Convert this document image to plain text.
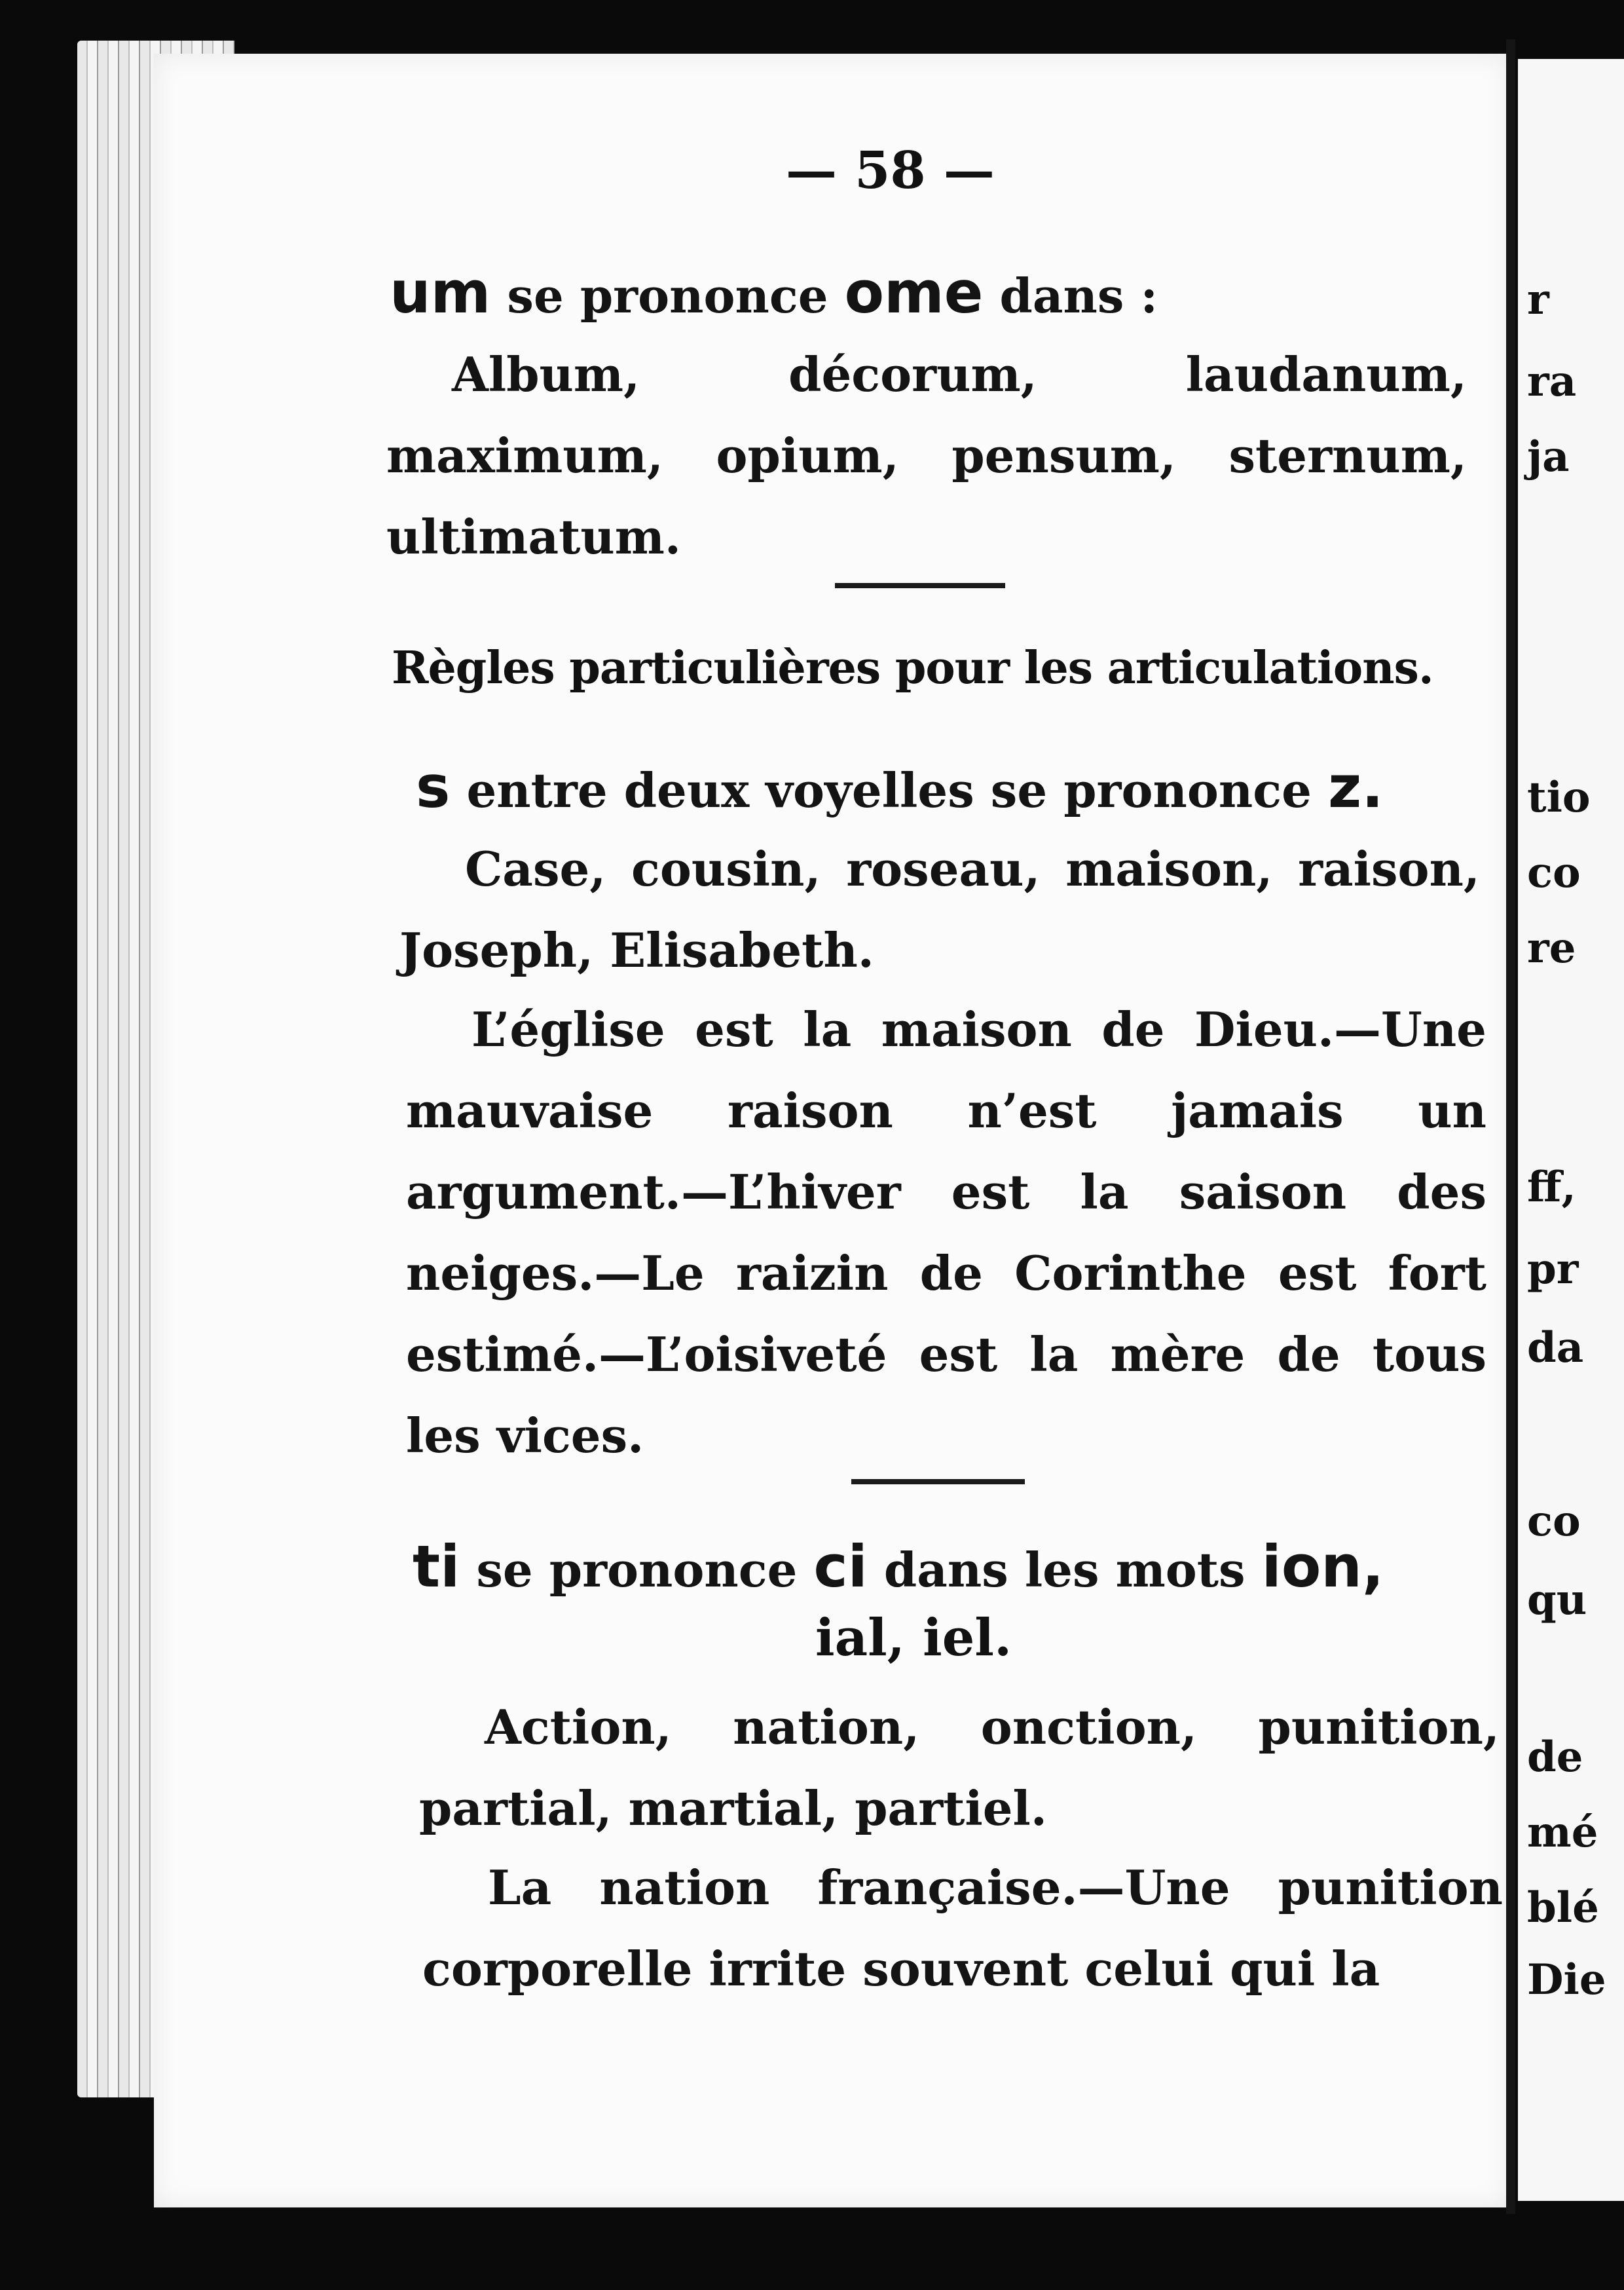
r
ra
ja
tio
co
re
ff,
pr
da
co
qu
de
mé
blé
Die
— 58 —
um se prononce ome dans :
Album, décorum, laudanum, maximum, opium, pensum, sternum, ultimatum.
Règles particulières pour les articulations.
s entre deux voyelles se prononce z.
Case, cousin, roseau, maison, raison, Joseph, Elisabeth.
L’église est la maison de Dieu.—Une mauvaise raison n’est jamais un argument.—L’hiver est la saison des neiges.—Le raizin de Corinthe est fort estimé.—L’oisiveté est la mère de tous les vices.
ti se prononce ci dans les mots ion,
ial, iel.
Action, nation, onction, punition, partial, martial, partiel.
La nation française.—Une punition corporelle irrite souvent celui qui la
